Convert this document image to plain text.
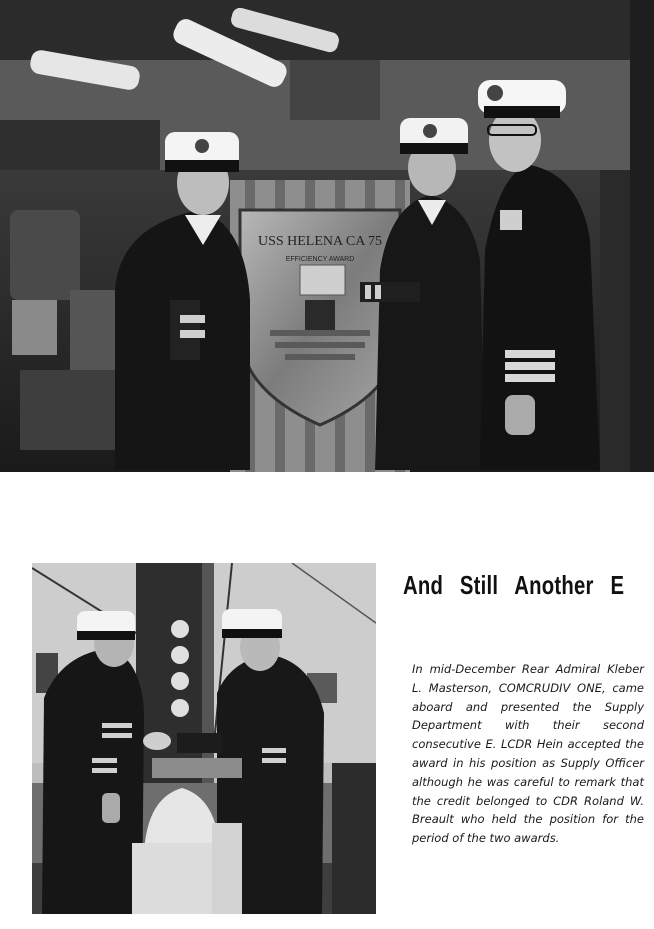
USS HELENA CA 75
EFFICIENCY AWARD
And Still Another E
In mid-December Rear Admiral Kleber L. Masterson, COMCRUDIV ONE, came aboard and presented the Supply Department with their second consecutive E. LCDR Hein accepted the award in his position as Supply Officer although he was careful to remark that the credit belonged to CDR Roland W. Breault who held the position for the period of the two awards.
